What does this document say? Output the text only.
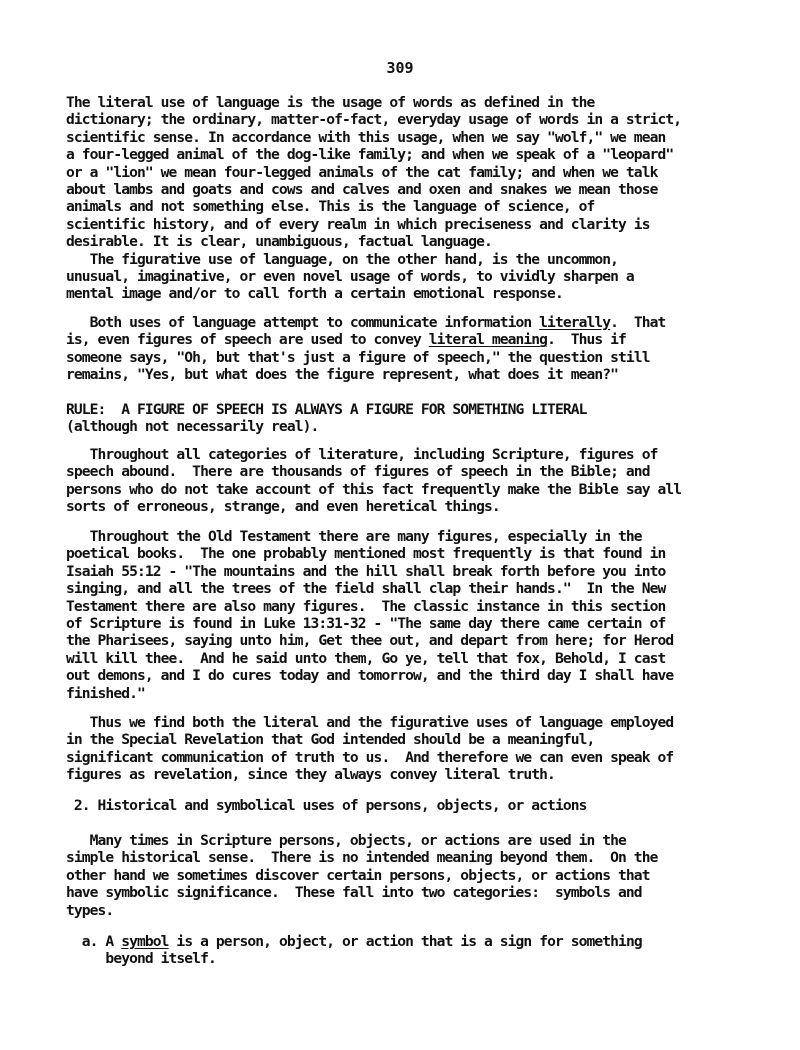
309
The literal use of language is the usage of words as defined in the
dictionary; the ordinary, matter-of-fact, everyday usage of words in a strict,
scientific sense. In accordance with this usage, when we say "wolf," we mean
a four-legged animal of the dog-like family; and when we speak of a "leopard"
or a "lion" we mean four-legged animals of the cat family; and when we talk
about lambs and goats and cows and calves and oxen and snakes we mean those
animals and not something else. This is the language of science, of
scientific history, and of every realm in which preciseness and clarity is
desirable. It is clear, unambiguous, factual language.
The figurative use of language, on the other hand, is the uncommon,
unusual, imaginative, or even novel usage of words, to vividly sharpen a
mental image and/or to call forth a certain emotional response.
Both uses of language attempt to communicate information literally.  That
is, even figures of speech are used to convey literal meaning.  Thus if
someone says, "Oh, but that's just a figure of speech," the question still
remains, "Yes, but what does the figure represent, what does it mean?"
RULE:  A FIGURE OF SPEECH IS ALWAYS A FIGURE FOR SOMETHING LITERAL
(although not necessarily real).
Throughout all categories of literature, including Scripture, figures of
speech abound.  There are thousands of figures of speech in the Bible; and
persons who do not take account of this fact frequently make the Bible say all
sorts of erroneous, strange, and even heretical things.
Throughout the Old Testament there are many figures, especially in the
poetical books.  The one probably mentioned most frequently is that found in
Isaiah 55:12 - "The mountains and the hill shall break forth before you into
singing, and all the trees of the field shall clap their hands."  In the New
Testament there are also many figures.  The classic instance in this section
of Scripture is found in Luke 13:31-32 - "The same day there came certain of
the Pharisees, saying unto him, Get thee out, and depart from here; for Herod
will kill thee.  And he said unto them, Go ye, tell that fox, Behold, I cast
out demons, and I do cures today and tomorrow, and the third day I shall have
finished."
Thus we find both the literal and the figurative uses of language employed
in the Special Revelation that God intended should be a meaningful,
significant communication of truth to us.  And therefore we can even speak of
figures as revelation, since they always convey literal truth.
2. Historical and symbolical uses of persons, objects, or actions
Many times in Scripture persons, objects, or actions are used in the
simple historical sense.  There is no intended meaning beyond them.  On the
other hand we sometimes discover certain persons, objects, or actions that
have symbolic significance.  These fall into two categories:  symbols and
types.
a. A symbol is a person, object, or action that is a sign for something
beyond itself.
